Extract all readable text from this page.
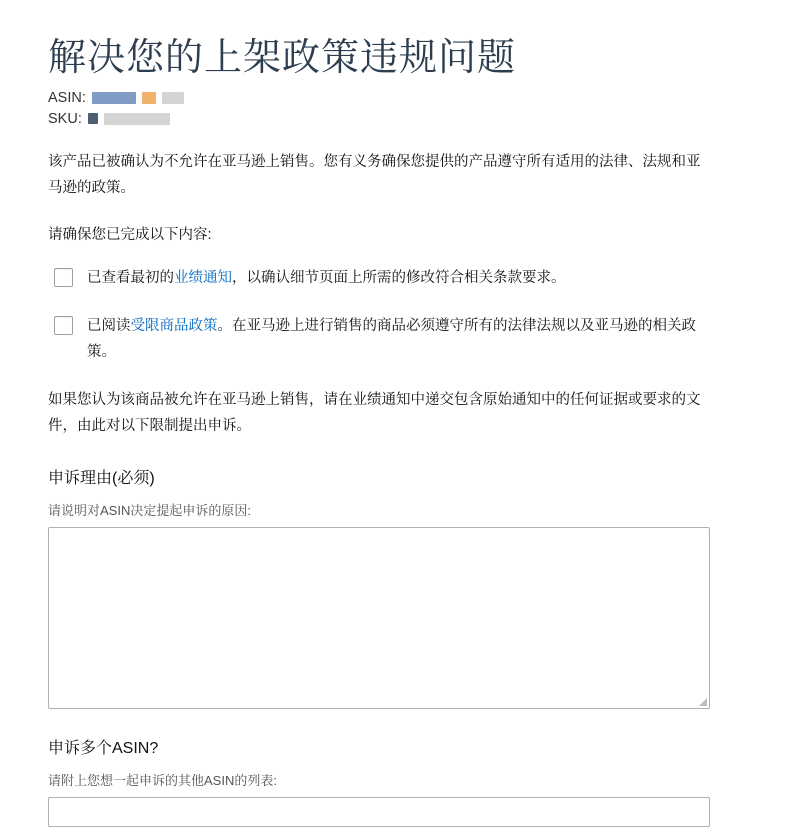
解决您的上架政策违规问题
ASIN:
SKU:

该产品已被确认为不允许在亚马逊上销售。您有义务确保您提供的产品遵守所有适用的法律、法规和亚马逊的政策。

请确保您已完成以下内容:
已查看最初的业绩通知，以确认细节页面上所需的修改符合相关条款要求。
已阅读受限商品政策。在亚马逊上进行销售的商品必须遵守所有的法律法规以及亚马逊的相关政策。

如果您认为该商品被允许在亚马逊上销售，请在业绩通知中递交包含原始通知中的任何证据或要求的文件，由此对以下限制提出申诉。

申诉理由(必须)
请说明对ASIN决定提起申诉的原因:
申诉多个ASIN?
请附上您想一起申诉的其他ASIN的列表:
